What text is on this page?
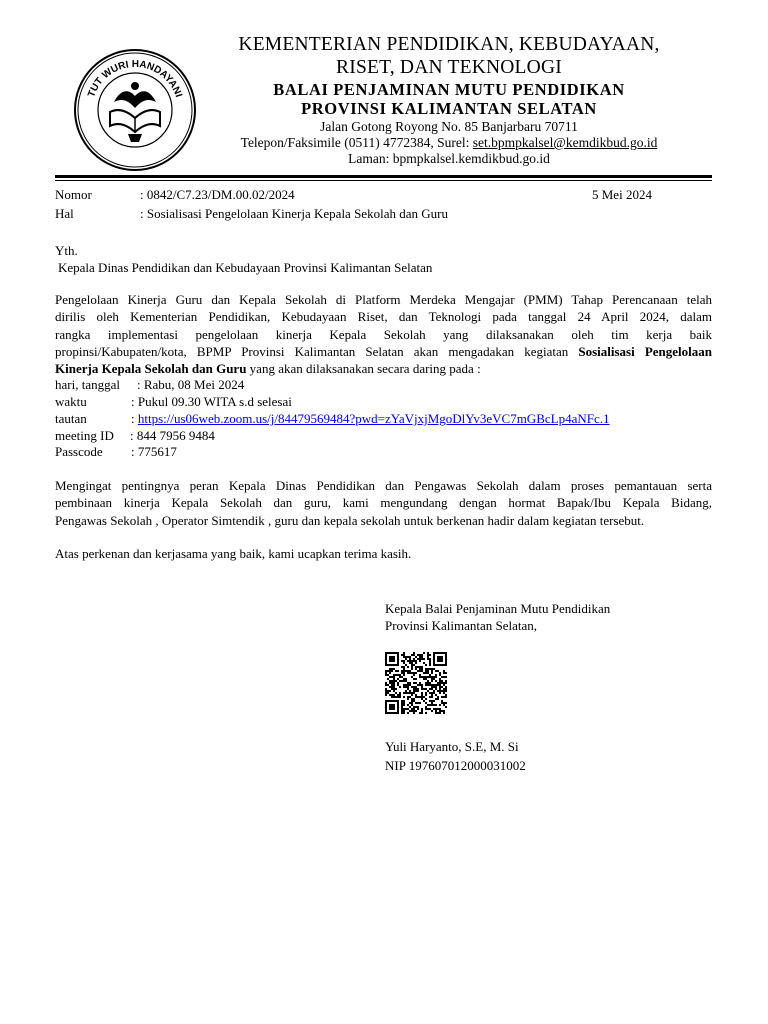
TUT WURI HANDAYANI
KEMENTERIAN PENDIDIKAN, KEBUDAYAAN,
RISET, DAN TEKNOLOGI
BALAI PENJAMINAN MUTU PENDIDIKAN
PROVINSI KALIMANTAN SELATAN
Jalan Gotong Royong No. 85 Banjarbaru 70711
Telepon/Faksimile (0511) 4772384, Surel: set.bpmpkalsel@kemdikbud.go.id
Laman: bpmpkalsel.kemdikbud.go.id
Nomor	: 0842/C7.23/DM.00.02/2024	5 Mei 2024
Hal	: Sosialisasi Pengelolaan Kinerja Kepala Sekolah dan Guru
Yth.
Kepala Dinas Pendidikan dan Kebudayaan Provinsi Kalimantan Selatan
Pengelolaan Kinerja Guru dan Kepala Sekolah di Platform Merdeka Mengajar (PMM) Tahap Perencanaan telah
dirilis oleh Kementerian Pendidikan, Kebudayaan Riset, dan Teknologi pada tanggal 24 April 2024, dalam
rangka implementasi pengelolaan kinerja Kepala Sekolah yang dilaksanakan oleh tim kerja baik
propinsi/Kabupaten/kota, BPMP Provinsi Kalimantan Selatan akan mengadakan kegiatan Sosialisasi Pengelolaan
Kinerja Kepala Sekolah dan Guru yang akan dilaksanakan secara daring pada :
hari, tanggal : Rabu, 08 Mei 2024
waktu	: Pukul 09.30 WITA s.d selesai
tautan	: https://us06web.zoom.us/j/84479569484?pwd=zYaVjxjMgoDlYv3eVC7mGBcLp4aNFc.1
meeting ID : 844 7956 9484
Passcode : 775617
Mengingat pentingnya peran Kepala Dinas Pendidikan dan Pengawas Sekolah dalam proses pemantauan serta
pembinaan kinerja Kepala Sekolah dan guru, kami mengundang dengan hormat Bapak/Ibu Kepala Bidang,
Pengawas Sekolah , Operator Simtendik , guru dan kepala sekolah untuk berkenan hadir dalam kegiatan tersebut.
Atas perkenan dan kerjasama yang baik, kami ucapkan terima kasih.
Kepala Balai Penjaminan Mutu Pendidikan
Provinsi Kalimantan Selatan,
Yuli Haryanto, S.E, M. Si
NIP 197607012000031002
